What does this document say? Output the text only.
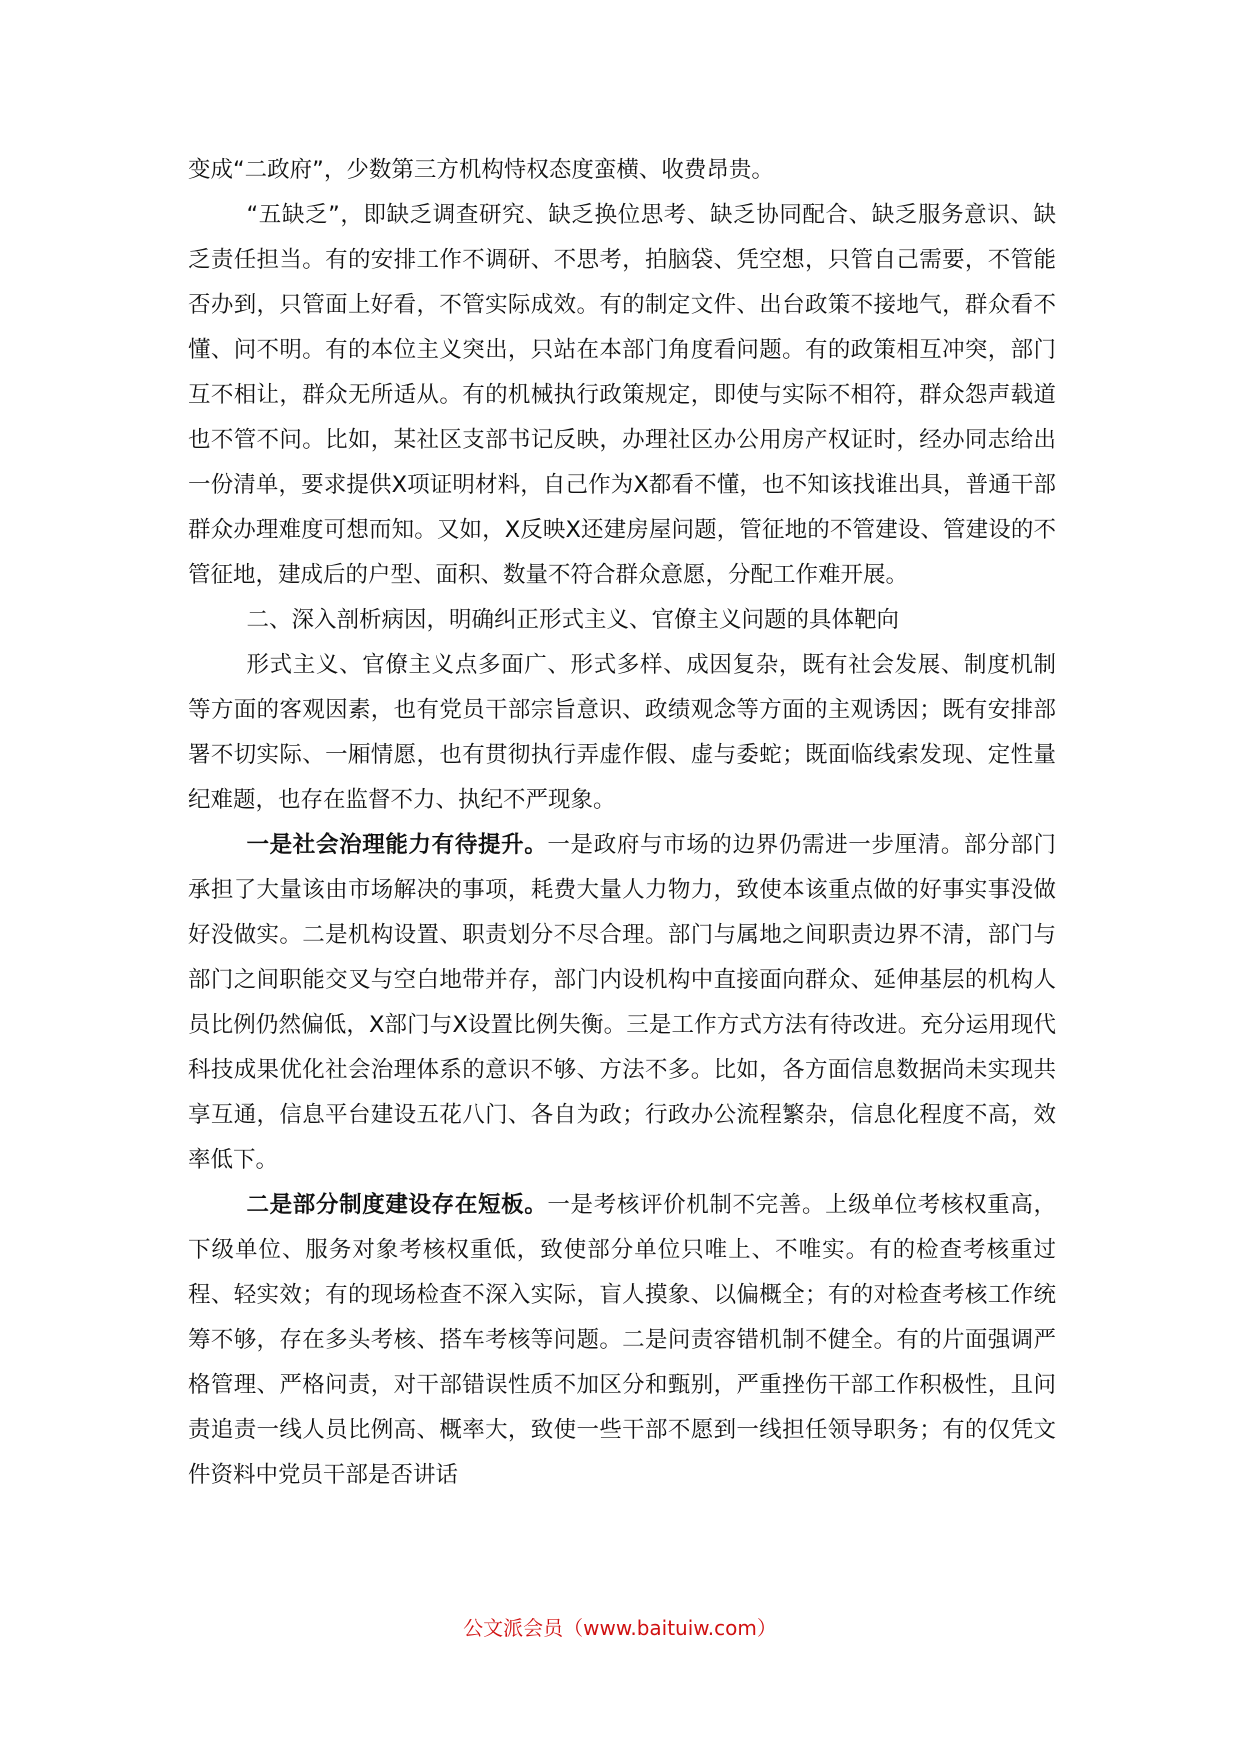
变成“二政府”，少数第三方机构恃权态度蛮横、收费昂贵。

“五缺乏”，即缺乏调查研究、缺乏换位思考、缺乏协同配合、缺乏服务意识、缺乏责任担当。有的安排工作不调研、不思考，拍脑袋、凭空想，只管自己需要，不管能否办到，只管面上好看，不管实际成效。有的制定文件、出台政策不接地气，群众看不懂、问不明。有的本位主义突出，只站在本部门角度看问题。有的政策相互冲突，部门互不相让，群众无所适从。有的机械执行政策规定，即使与实际不相符，群众怨声载道也不管不问。比如，某社区支部书记反映，办理社区办公用房产权证时，经办同志给出一份清单，要求提供X项证明材料，自己作为X都看不懂，也不知该找谁出具，普通干部群众办理难度可想而知。又如，X反映X还建房屋问题，管征地的不管建设、管建设的不管征地，建成后的户型、面积、数量不符合群众意愿，分配工作难开展。

二、深入剖析病因，明确纠正形式主义、官僚主义问题的具体靶向

形式主义、官僚主义点多面广、形式多样、成因复杂，既有社会发展、制度机制等方面的客观因素，也有党员干部宗旨意识、政绩观念等方面的主观诱因；既有安排部署不切实际、一厢情愿，也有贯彻执行弄虚作假、虚与委蛇；既面临线索发现、定性量纪难题，也存在监督不力、执纪不严现象。

一是社会治理能力有待提升。一是政府与市场的边界仍需进一步厘清。部分部门承担了大量该由市场解决的事项，耗费大量人力物力，致使本该重点做的好事实事没做好没做实。二是机构设置、职责划分不尽合理。部门与属地之间职责边界不清，部门与部门之间职能交叉与空白地带并存，部门内设机构中直接面向群众、延伸基层的机构人员比例仍然偏低，X部门与X设置比例失衡。三是工作方式方法有待改进。充分运用现代科技成果优化社会治理体系的意识不够、方法不多。比如，各方面信息数据尚未实现共享互通，信息平台建设五花八门、各自为政；行政办公流程繁杂，信息化程度不高，效率低下。

二是部分制度建设存在短板。一是考核评价机制不完善。上级单位考核权重高，下级单位、服务对象考核权重低，致使部分单位只唯上、不唯实。有的检查考核重过程、轻实效；有的现场检查不深入实际，盲人摸象、以偏概全；有的对检查考核工作统筹不够，存在多头考核、搭车考核等问题。二是问责容错机制不健全。有的片面强调严格管理、严格问责，对干部错误性质不加区分和甄别，严重挫伤干部工作积极性，且问责追责一线人员比例高、概率大，致使一些干部不愿到一线担任领导职务；有的仅凭文件资料中党员干部是否讲话

公文派会员（www.baituiw.com）
